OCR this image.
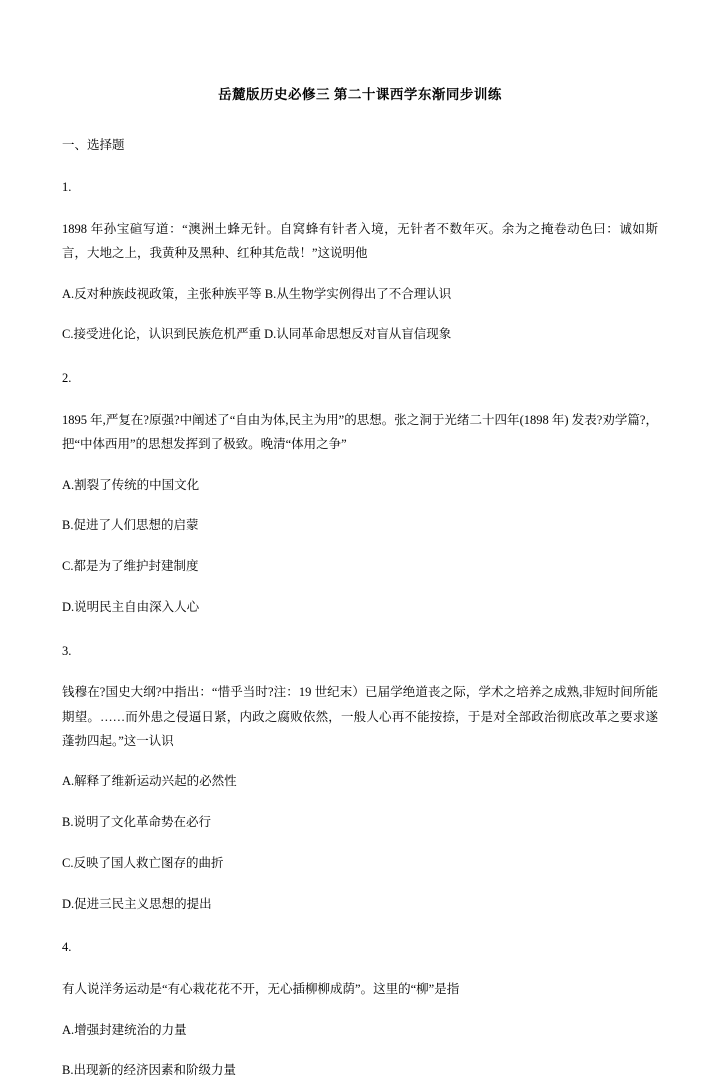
岳麓版历史必修三 第二十课西学东渐同步训练
一、选择题
1.
1898 年孙宝碹写道：“澳洲土蜂无针。自窝蜂有针者入境，无针者不数年灭。余为之掩卷动色曰：诚如斯言，大地之上，我黄种及黑种、红种其危哉！”这说明他
A.反对种族歧视政策，主张种族平等 B.从生物学实例得出了不合理认识
C.接受进化论，认识到民族危机严重 D.认同革命思想反对盲从盲信现象
2.
1895 年,严复在?原强?中阐述了“自由为体,民主为用”的思想。张之洞于光绪二十四年(1898 年) 发表?劝学篇?，把“中体西用”的思想发挥到了极致。晚清“体用之争”
A.割裂了传统的中国文化
B.促进了人们思想的启蒙
C.都是为了维护封建制度
D.说明民主自由深入人心
3.
钱穆在?国史大纲?中指出：“惜乎当时?注：19 世纪末）已届学绝道丧之际，学术之培养之成熟,非短时间所能期望。……而外患之侵逼日紧，内政之腐败依然，一般人心再不能按捺，于是对全部政治彻底改革之要求遂蓬勃四起。”这一认识
A.解释了维新运动兴起的必然性
B.说明了文化革命势在必行
C.反映了国人救亡图存的曲折
D.促进三民主义思想的提出
4.
有人说洋务运动是“有心栽花花不开，无心插柳柳成荫”。这里的“柳”是指
A.增强封建统治的力量
B.出现新的经济因素和阶级力量
